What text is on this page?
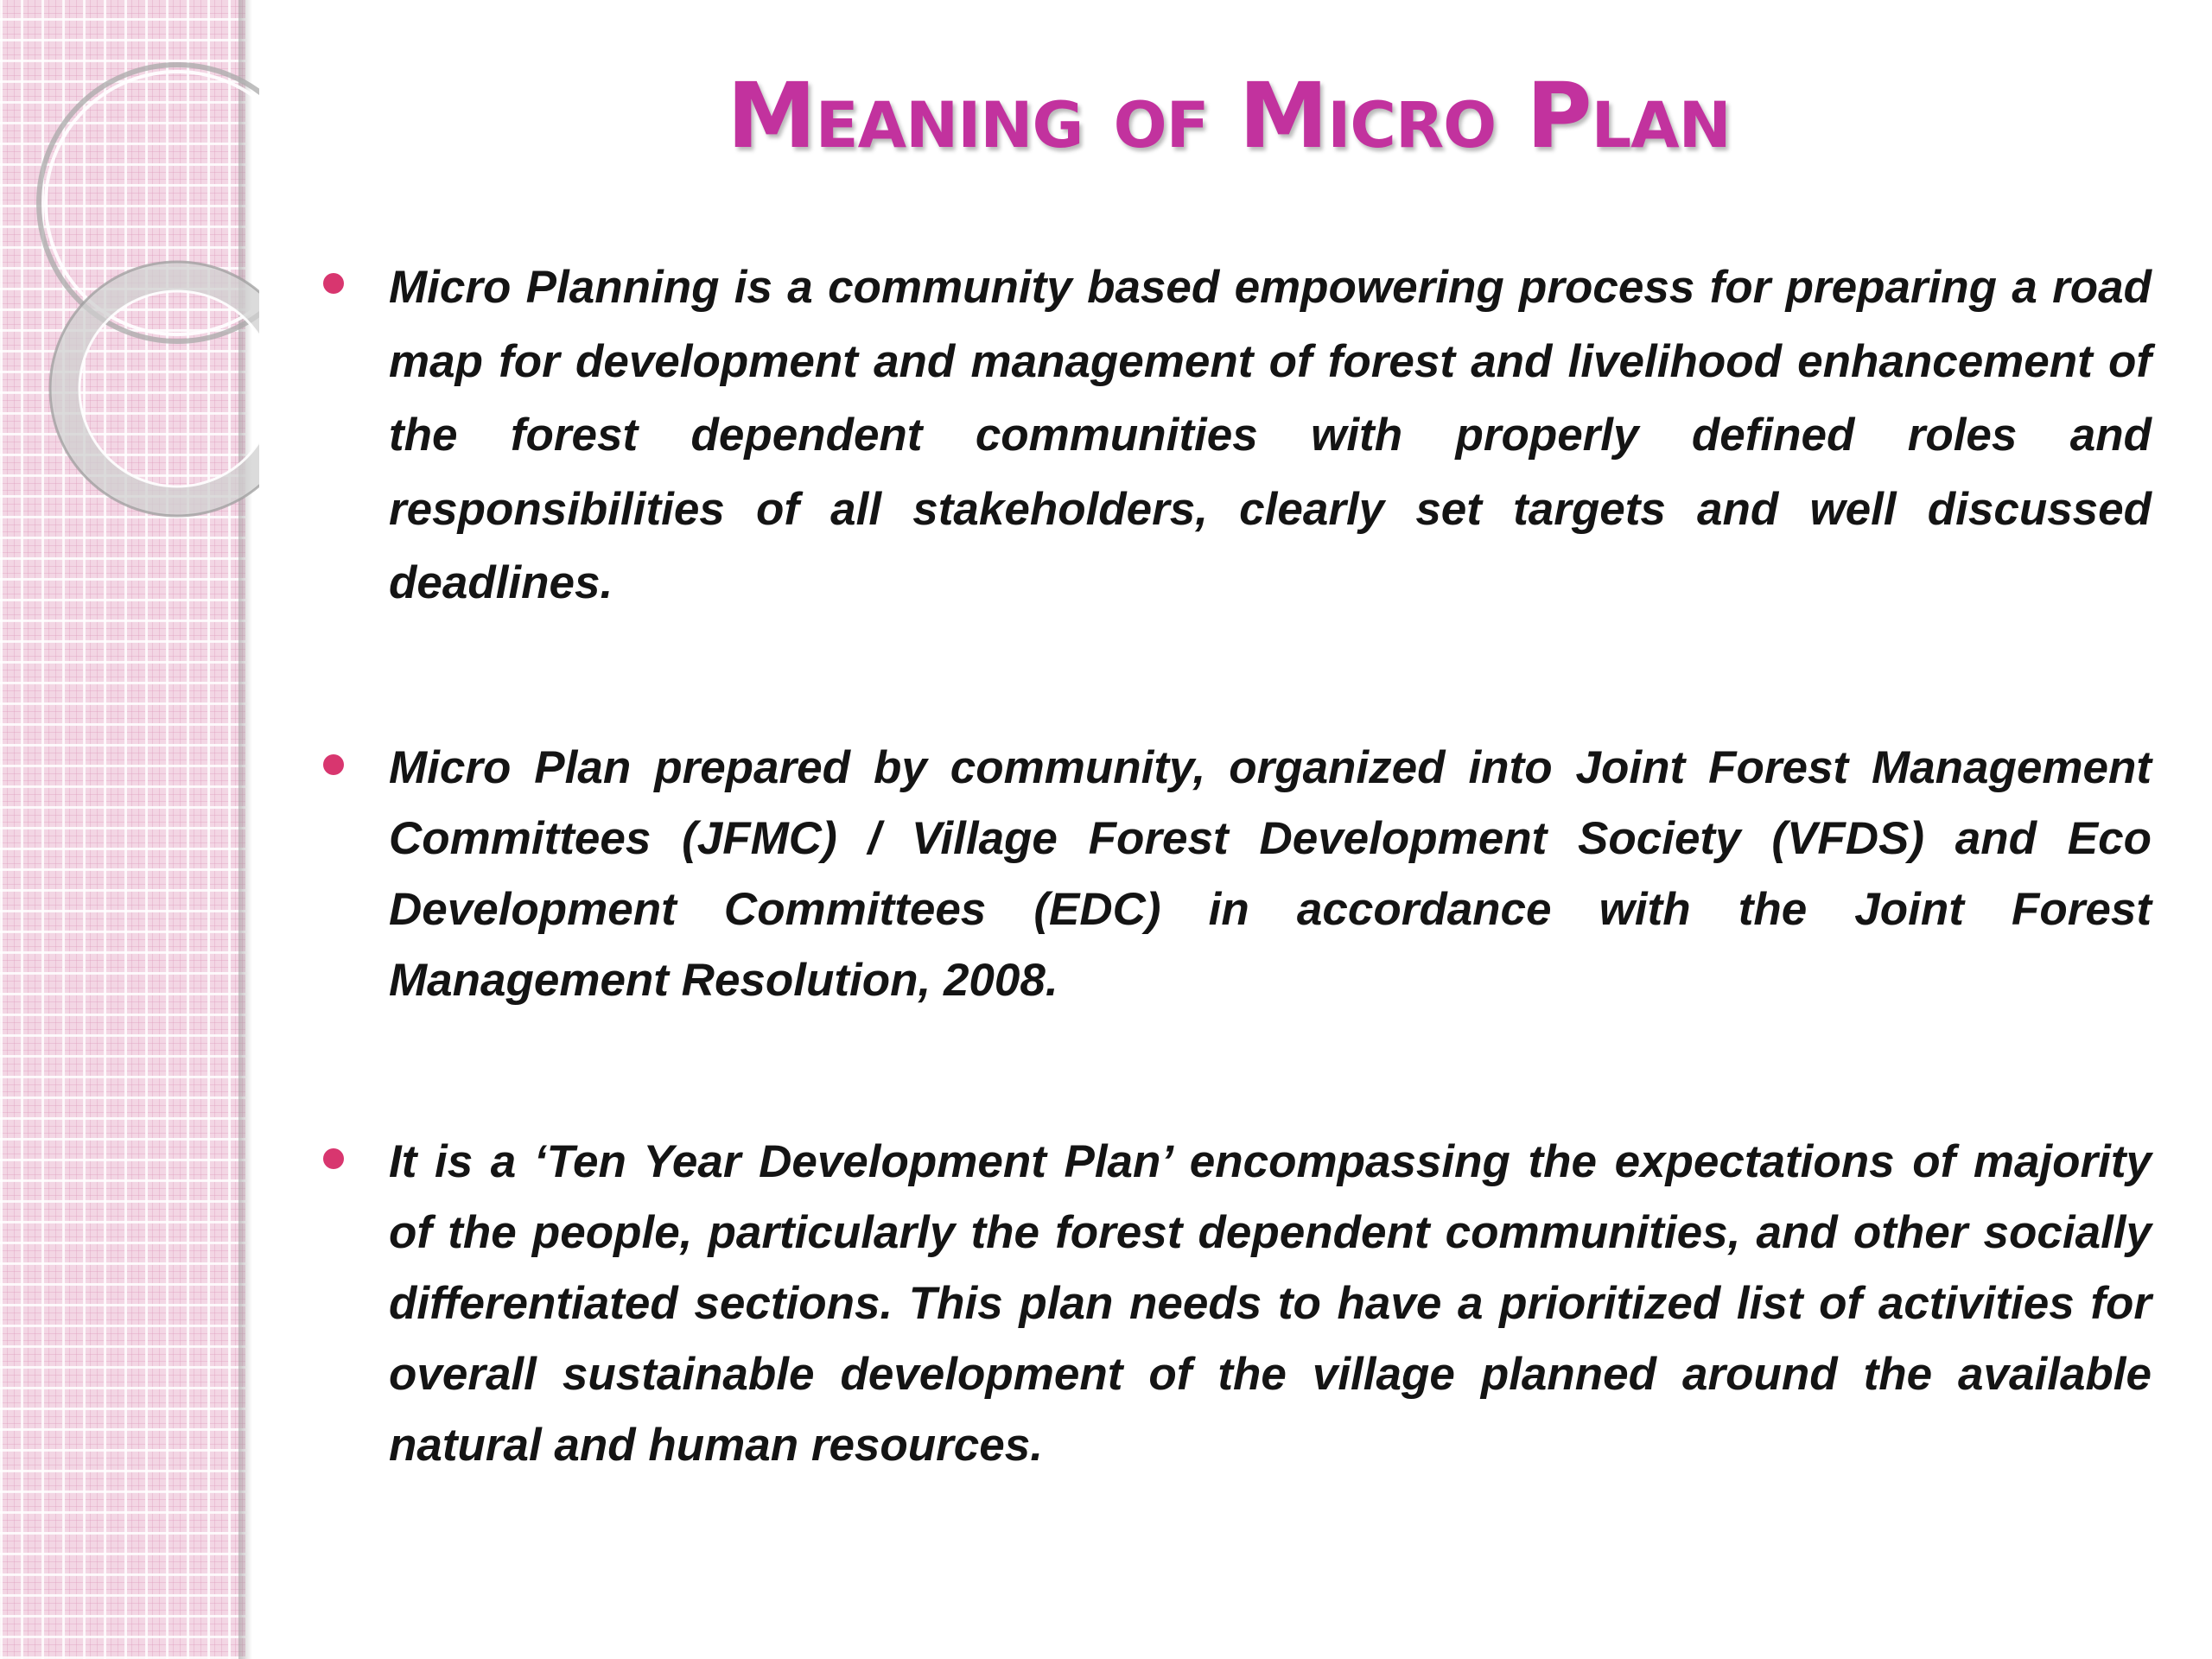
Meaning of Micro Plan
Micro Planning is a community based empowering process for preparing a road map for development and management of forest and livelihood enhancement of the forest dependent communities with properly defined roles and responsibilities of all stakeholders, clearly set targets and well discussed deadlines.
Micro Plan prepared by community, organized into Joint Forest Management Committees (JFMC) / Village Forest Development Society (VFDS) and Eco Development Committees (EDC) in accordance with the Joint Forest Management Resolution, 2008.
It is a ‘Ten Year Development Plan’ encompassing the expectations of majority of the people, particularly the forest dependent communities, and other socially differentiated sections. This plan needs to have a prioritized list of activities for overall sustainable development of the village planned around the available natural and human resources.
